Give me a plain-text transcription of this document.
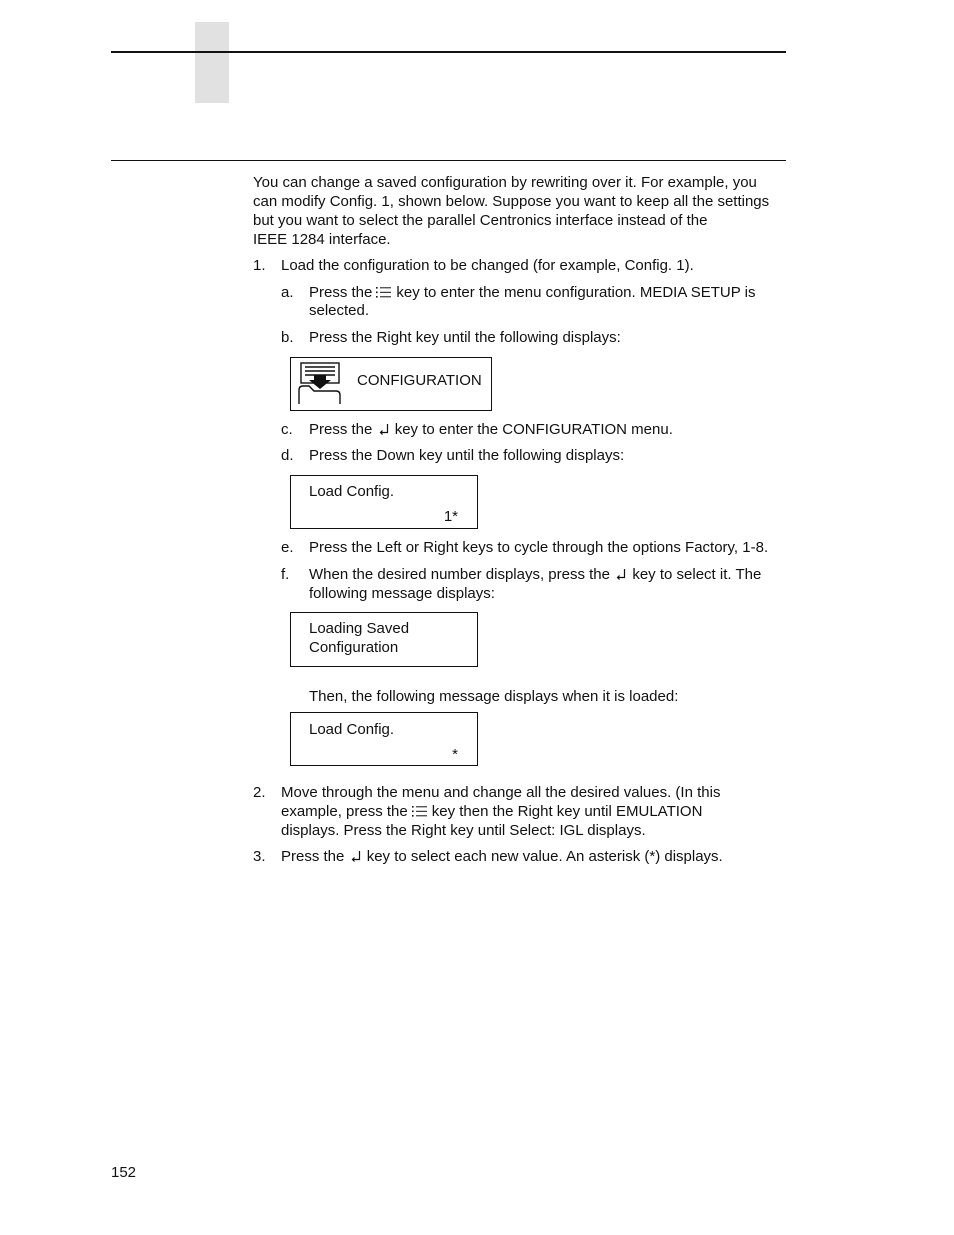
You can change a saved configuration by rewriting over it. For example, you
can modify Config. 1, shown below. Suppose you want to keep all the settings
but you want to select the parallel Centronics interface instead of the
IEEE 1284 interface.
1. Load the configuration to be changed (for example, Config. 1).
a. Press the key to enter the menu configuration. MEDIA SETUP is
selected.
b. Press the Right key until the following displays:
CONFIGURATION
c. Press the key to enter the CONFIGURATION menu.
d. Press the Down key until the following displays:
Load Config.
1*
e. Press the Left or Right keys to cycle through the options Factory, 1-8.
f. When the desired number displays, press the key to select it. The
following message displays:
Loading Saved
Configuration
Then, the following message displays when it is loaded:
Load Config.
*
2. Move through the menu and change all the desired values. (In this
example, press the key then the Right key until EMULATION
displays. Press the Right key until Select: IGL displays.
3. Press the key to select each new value. An asterisk (*) displays.
152
